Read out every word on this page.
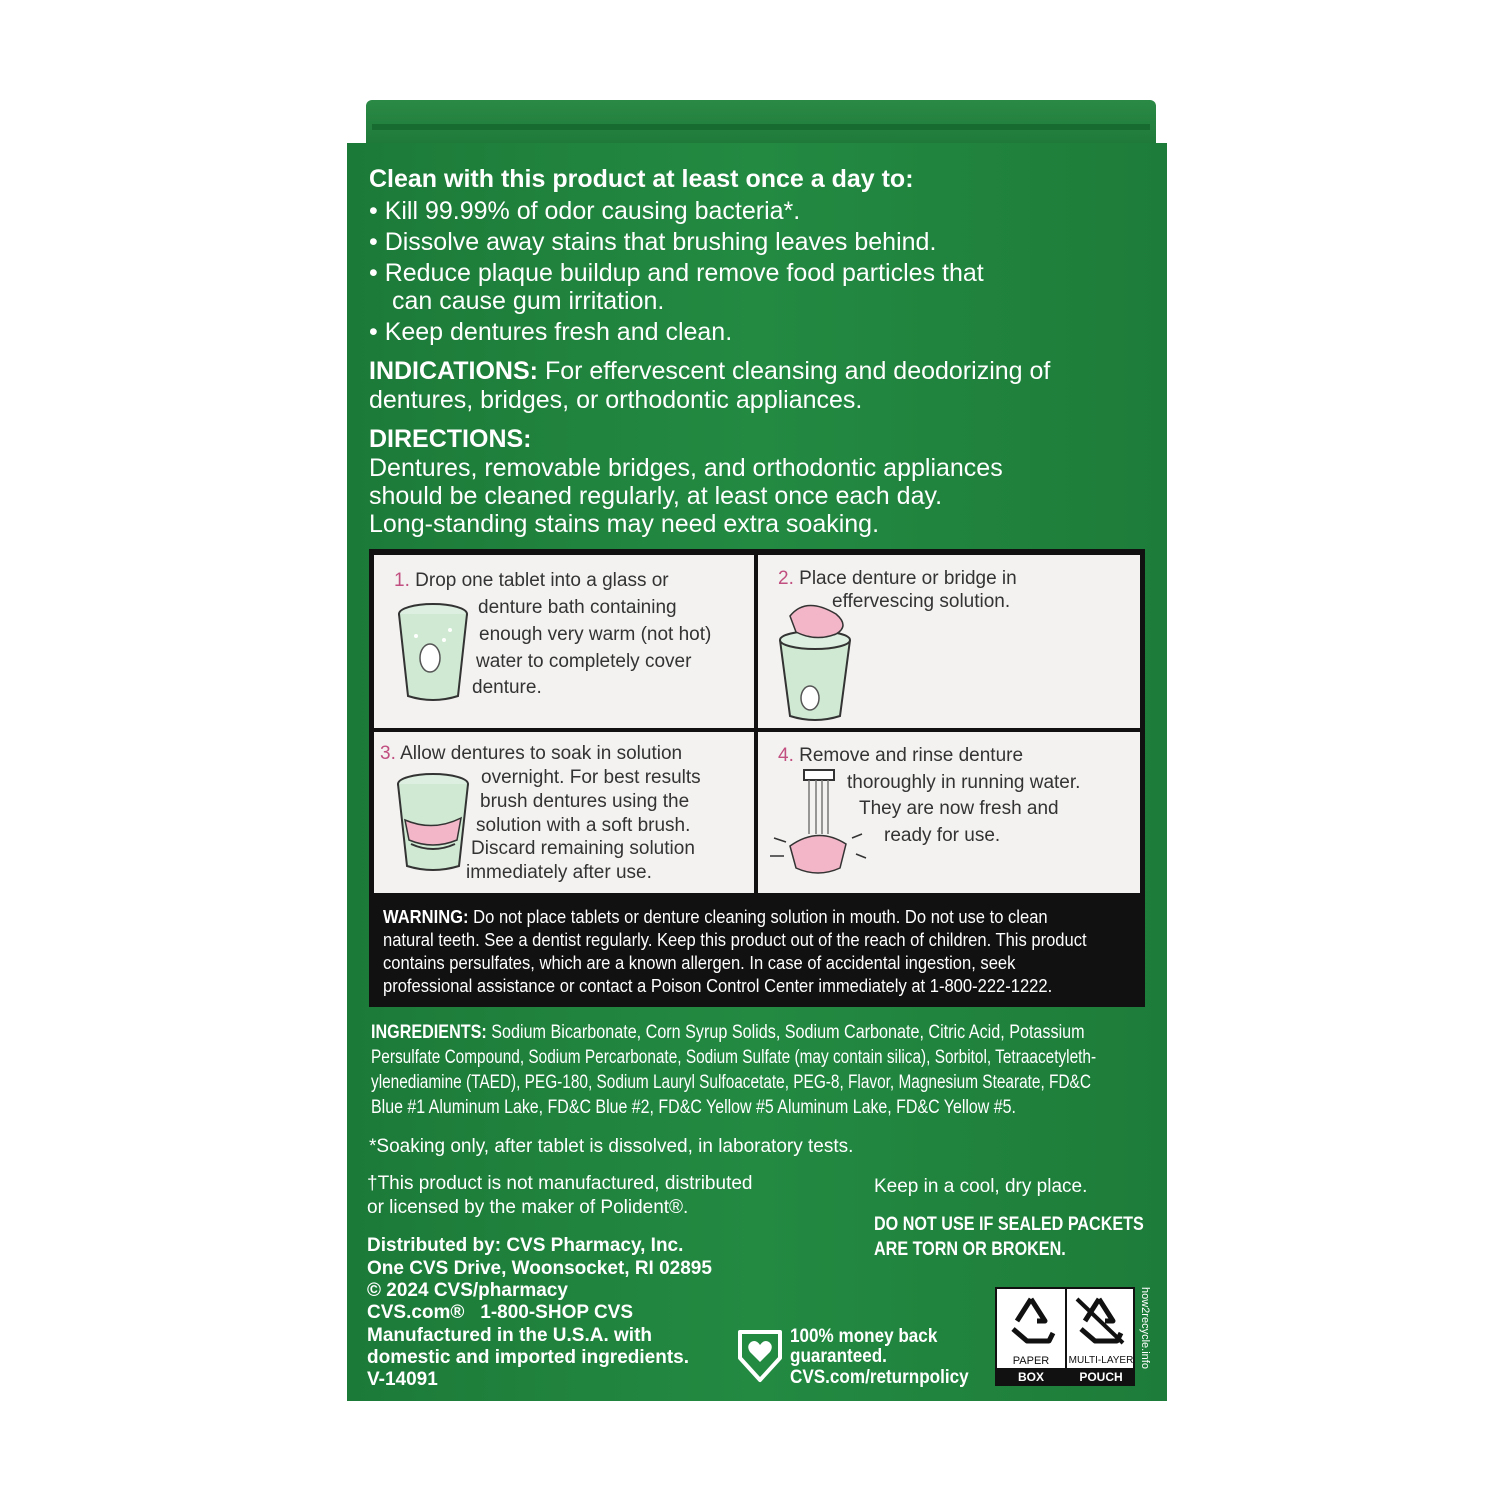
Clean with this product at least once a day to:
• Kill 99.99% of odor causing bacteria*.
• Dissolve away stains that brushing leaves behind.
• Reduce plaque buildup and remove food particles that
can cause gum irritation.
• Keep dentures fresh and clean.
INDICATIONS: For effervescent cleansing and deodorizing of
dentures, bridges, or orthodontic appliances.
DIRECTIONS:
Dentures, removable bridges, and orthodontic appliances
should be cleaned regularly, at least once each day.
Long-standing stains may need extra soaking.
1. Drop one tablet into a glass or
denture bath containing
enough very warm (not hot)
water to completely cover
denture.
2. Place denture or bridge in
effervescing solution.
3. Allow dentures to soak in solution
overnight. For best results
brush dentures using the
solution with a soft brush.
Discard remaining solution
immediately after use.
4. Remove and rinse denture
thoroughly in running water.
They are now fresh and
ready for use.
WARNING: Do not place tablets or denture cleaning solution in mouth. Do not use to clean
natural teeth. See a dentist regularly. Keep this product out of the reach of children. This product
contains persulfates, which are a known allergen. In case of accidental ingestion, seek
professional assistance or contact a Poison Control Center immediately at 1-800-222-1222.
INGREDIENTS: Sodium Bicarbonate, Corn Syrup Solids, Sodium Carbonate, Citric Acid, Potassium
Persulfate Compound, Sodium Percarbonate, Sodium Sulfate (may contain silica), Sorbitol, Tetraacetyleth-
ylenediamine (TAED), PEG-180, Sodium Lauryl Sulfoacetate, PEG-8, Flavor, Magnesium Stearate, FD&C
Blue #1 Aluminum Lake, FD&C Blue #2, FD&C Yellow #5 Aluminum Lake, FD&C Yellow #5.
*Soaking only, after tablet is dissolved, in laboratory tests.
†This product is not manufactured, distributed
or licensed by the maker of Polident®.
Keep in a cool, dry place.
DO NOT USE IF SEALED PACKETS
ARE TORN OR BROKEN.
Distributed by: CVS Pharmacy, Inc.
One CVS Drive, Woonsocket, RI 02895
© 2024 CVS/pharmacy
CVS.com®   1-800-SHOP CVS
Manufactured in the U.S.A. with
domestic and imported ingredients.
V-14091
100% money back
guaranteed.
CVS.com/returnpolicy
PAPER
BOX
MULTI-LAYER
POUCH
how2recycle.info
